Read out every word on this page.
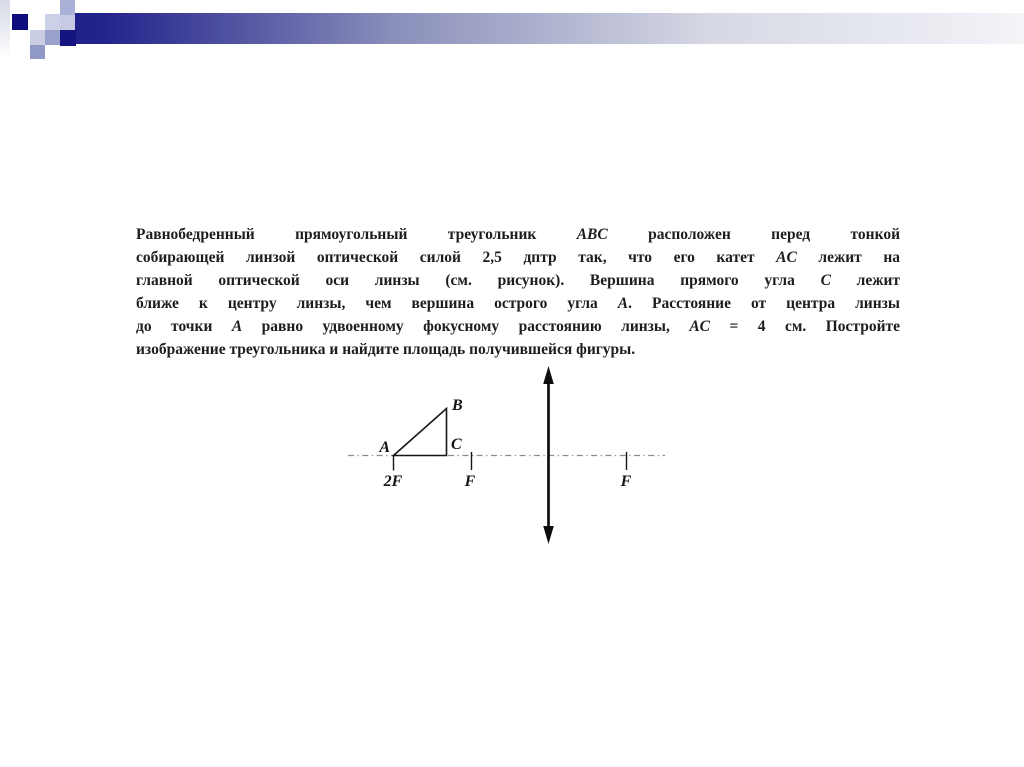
Равнобедренный прямоугольный треугольник ABC расположен перед тонкой
собирающей линзой оптической силой 2,5 дптр так, что его катет AC лежит на
главной оптической оси линзы (см. рисунок). Вершина прямого угла C лежит
ближе к центру линзы, чем вершина острого угла A. Расстояние от центра линзы
до точки A равно удвоенному фокусному расстоянию линзы, AC = 4 см. Постройте
изображение треугольника и найдите площадь получившейся фигуры.
A
B
C
2F	F	F
